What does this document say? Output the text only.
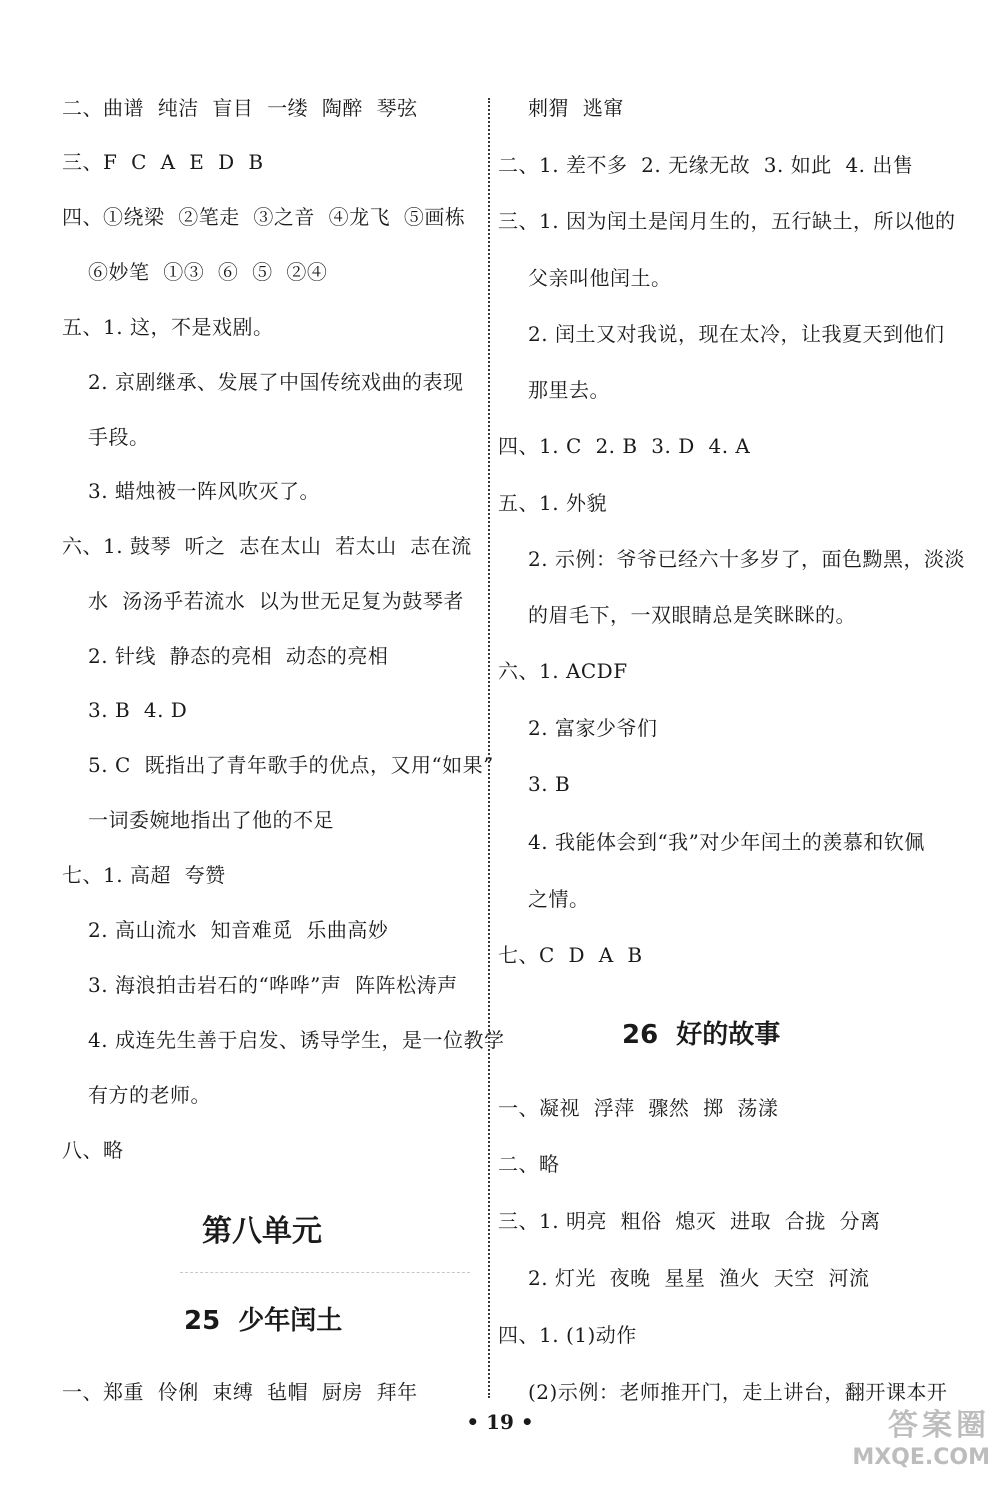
二、曲谱  纯洁  盲目  一缕  陶醉  琴弦
三、F  C  A  E  D  B
四、①绕梁  ②笔走  ③之音  ④龙飞  ⑤画栋
⑥妙笔  ①③  ⑥  ⑤  ②④
五、1. 这，不是戏剧。
2. 京剧继承、发展了中国传统戏曲的表现
手段。
3. 蜡烛被一阵风吹灭了。
六、1. 鼓琴  听之  志在太山  若太山  志在流
水  汤汤乎若流水  以为世无足复为鼓琴者
2. 针线  静态的亮相  动态的亮相
3. B  4. D
5. C  既指出了青年歌手的优点，又用“如果”
一词委婉地指出了他的不足
七、1. 高超  夸赞
2. 高山流水  知音难觅  乐曲高妙
3. 海浪拍击岩石的“哗哗”声  阵阵松涛声
4. 成连先生善于启发、诱导学生，是一位教学
有方的老师。
八、略
第八单元
25  少年闰土
一、郑重  伶俐  束缚  毡帽  厨房  拜年
刺猬  逃窜
二、1. 差不多  2. 无缘无故  3. 如此  4. 出售
三、1. 因为闰土是闰月生的，五行缺土，所以他的
父亲叫他闰土。
2. 闰土又对我说，现在太冷，让我夏天到他们
那里去。
四、1. C  2. B  3. D  4. A
五、1. 外貌
2. 示例：爷爷已经六十多岁了，面色黝黑，淡淡
的眉毛下，一双眼睛总是笑眯眯的。
六、1. ACDF
2. 富家少爷们
3. B
4. 我能体会到“我”对少年闰土的羡慕和钦佩
之情。
七、C  D  A  B
26  好的故事
一、凝视  浮萍  骤然  掷  荡漾
二、略
三、1. 明亮  粗俗  熄灭  进取  合拢  分离
2. 灯光  夜晚  星星  渔火  天空  河流
四、1. (1)动作
(2)示例：老师推开门，走上讲台，翻开课本开
• 19 •	答案圈
MXQE.COM
